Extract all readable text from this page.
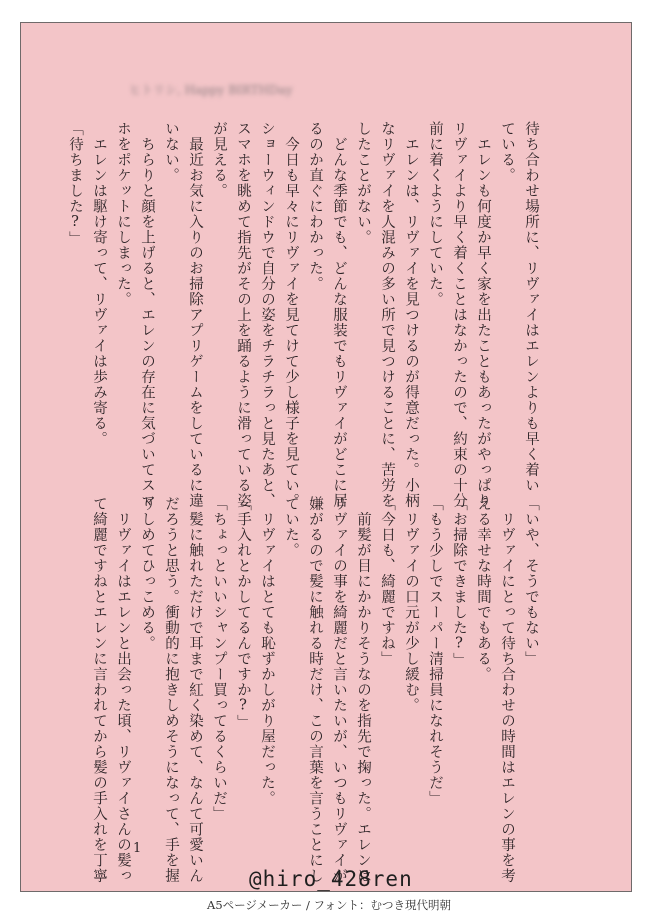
ヒトリシ, Happy BIRTHDay

待ち合わせ場所に、リヴァイはエレンよりも早く着い

ている。

　エレンも何度か早く家を出たこともあったがやっぱり

リヴァイより早く着くことはなかったので、約束の十分

前に着くようにしていた。

　エレンは、リヴァイを見つけるのが得意だった。小柄

なリヴァイを人混みの多い所で見つけることに、苦労を

したことがない。

　どんな季節でも、どんな服装でもリヴァイがどこに居

るのか直ぐにわかった。

　今日も早々にリヴァイを見てけて少し様子を見てい。

ショーウィンドウで自分の姿をチラチラっと見たあと、

スマホを眺めて指先がその上を踊るように滑っている姿

が見える。

　最近お気に入りのお掃除アプリゲームをしているに違

いない。

　ちらりと顔を上げると、エレンの存在に気づいてスマ

ホをポケットにしまった。

　エレンは駆け寄って、リヴァイは歩み寄る。

「待ちました?」

「いや、そうでもない」

　リヴァイにとって待ち合わせの時間はエレンの事を考

える幸せな時間でもある。

「お掃除できました?」

「もう少しでスーパー清掃員になれそうだ」

　リヴァイの口元が少し緩む。

「今日も、綺麗ですね」

　前髪が目にかかりそうなのを指先で掬った。エレンは

リヴァイの事を綺麗だと言いたいが、いつもリヴァイが

嫌がるので髪に触れる時だけ、この言葉を言うことにし

ていた。

　リヴァイはとても恥ずかしがり屋だった。

「手入れとかしてるんですか?」

「ちょっといいシャンプー買ってるくらいだ」

　髪に触れただけで耳まで紅く染めて、なんて可愛いん

だろうと思う。衝動的に抱きしめそうになって、手を握

りしめてひっこめる。

　リヴァイはエレンと出会った頃、リヴァイさんの髪っ

て綺麗ですねとエレンに言われてから髪の手入れを丁寧	1
@hiro_428ren
A5ページメーカー / フォント：むつき現代明朝
